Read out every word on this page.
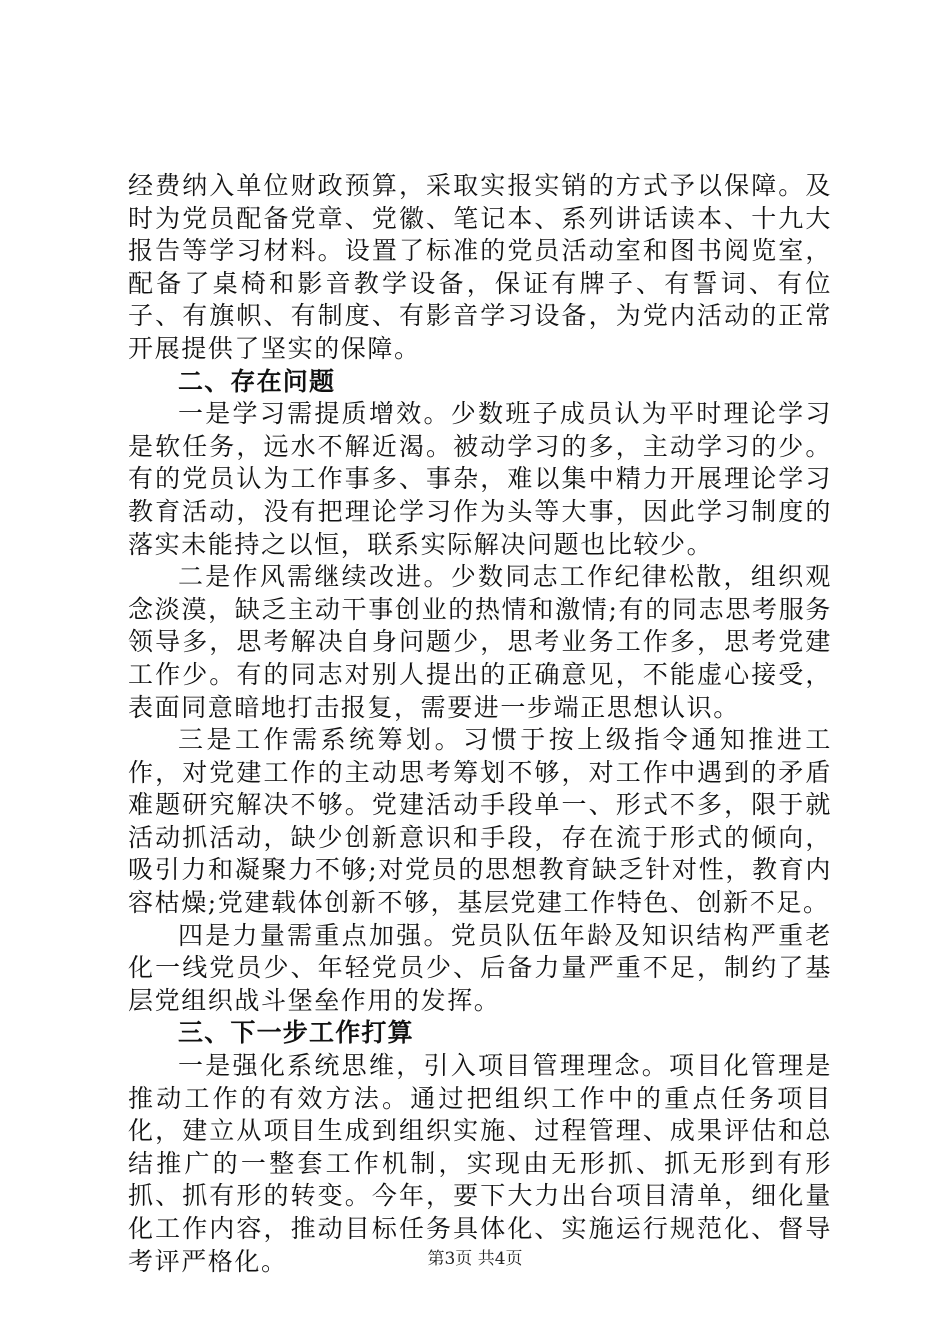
经费纳入单位财政预算，采取实报实销的方式予以保障。及时为党员配备党章、党徽、笔记本、系列讲话读本、十九大报告等学习材料。设置了标准的党员活动室和图书阅览室，配备了桌椅和影音教学设备，保证有牌子、有誓词、有位子、有旗帜、有制度、有影音学习设备，为党内活动的正常开展提供了坚实的保障。

二、存在问题

一是学习需提质增效。少数班子成员认为平时理论学习是软任务，远水不解近渴。被动学习的多，主动学习的少。有的党员认为工作事多、事杂，难以集中精力开展理论学习教育活动，没有把理论学习作为头等大事，因此学习制度的落实未能持之以恒，联系实际解决问题也比较少。

二是作风需继续改进。少数同志工作纪律松散，组织观念淡漠，缺乏主动干事创业的热情和激情;有的同志思考服务领导多，思考解决自身问题少，思考业务工作多，思考党建工作少。有的同志对别人提出的正确意见，不能虚心接受，表面同意暗地打击报复，需要进一步端正思想认识。

三是工作需系统筹划。习惯于按上级指令通知推进工作，对党建工作的主动思考筹划不够，对工作中遇到的矛盾难题研究解决不够。党建活动手段单一、形式不多，限于就活动抓活动，缺少创新意识和手段，存在流于形式的倾向，吸引力和凝聚力不够;对党员的思想教育缺乏针对性，教育内容枯燥;党建载体创新不够，基层党建工作特色、创新不足。

四是力量需重点加强。党员队伍年龄及知识结构严重老化一线党员少、年轻党员少、后备力量严重不足，制约了基层党组织战斗堡垒作用的发挥。

三、下一步工作打算

一是强化系统思维，引入项目管理理念。项目化管理是推动工作的有效方法。通过把组织工作中的重点任务项目化，建立从项目生成到组织实施、过程管理、成果评估和总结推广的一整套工作机制，实现由无形抓、抓无形到有形抓、抓有形的转变。今年，要下大力出台项目清单，细化量化工作内容，推动目标任务具体化、实施运行规范化、督导考评严格化。	第3页 共4页
